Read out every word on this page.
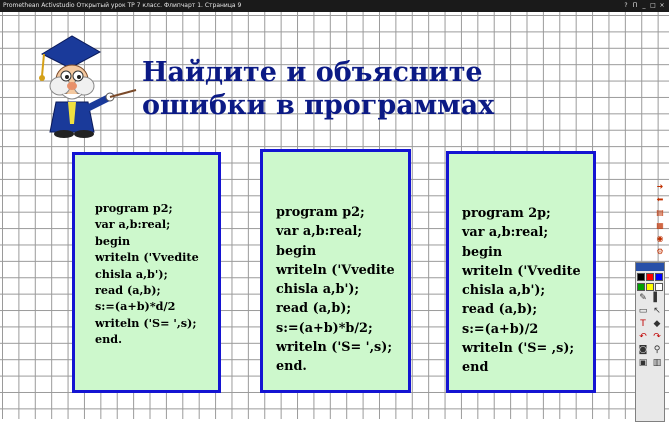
Promethean Activstudio Открытый урок ТР 7 класс. Флипчарт 1. Страница 9	? П _ □ ×
Найдите и объясните ошибки в программах
program p2;
var a,b:real;
begin
writeln ('Vvedite
chisla a,b');
read (a,b);
s:=(a+b)*d/2
writeln ('S= ',s);
end.
program p2;
var a,b:real;
begin
writeln ('Vvedite
chisla a,b');
read (a,b);
s:=(a+b)*b/2;
writeln ('S= ',s);
end.
program 2p;
var a,b:real;
begin
writeln ('Vvedite
chisla a,b');
read (a,b);
s:=(a+b)/2
writeln ('S= ,s);
end
➜
⬅
▤
▦
◉
⚙
✎ ▌
▭ ↖
T ◆
↶ ↷
◙ ⚲
▣ ▥
